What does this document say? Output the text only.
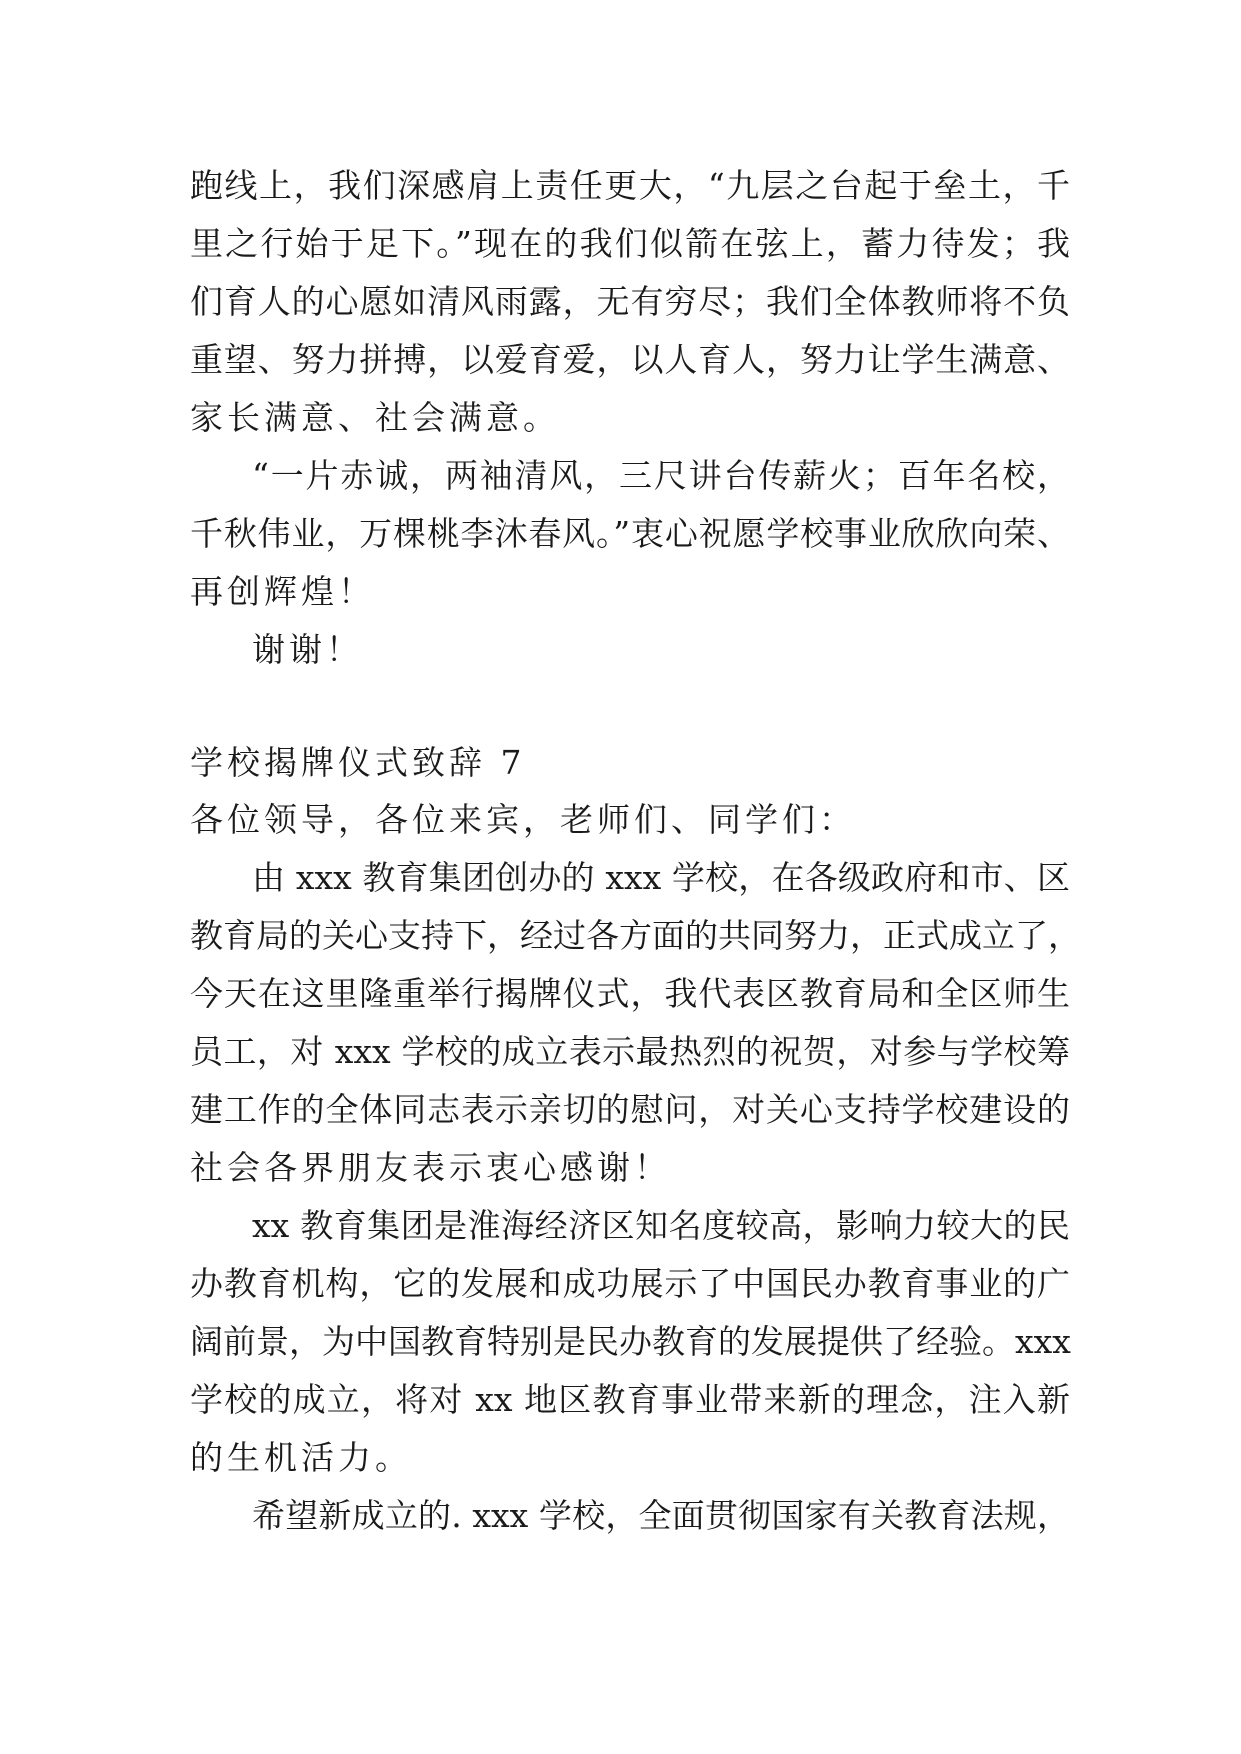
跑线上，我们深感肩上责任更大，“九层之台起于垒土，千
里之行始于足下。”现在的我们似箭在弦上，蓄力待发；我
们育人的心愿如清风雨露，无有穷尽；我们全体教师将不负
重望、努力拼搏，以爱育爱，以人育人，努力让学生满意、
家长满意、社会满意。
“一片赤诚，两袖清风，三尺讲台传薪火；百年名校，
千秋伟业，万棵桃李沐春风。”衷心祝愿学校事业欣欣向荣、
再创辉煌！
谢谢！
学校揭牌仪式致辞 7
各位领导，各位来宾，老师们、同学们：
由 xxx 教育集团创办的 xxx 学校，在各级政府和市、区
教育局的关心支持下，经过各方面的共同努力，正式成立了，
今天在这里隆重举行揭牌仪式，我代表区教育局和全区师生
员工，对 xxx 学校的成立表示最热烈的祝贺，对参与学校筹
建工作的全体同志表示亲切的慰问，对关心支持学校建设的
社会各界朋友表示衷心感谢！
xx 教育集团是淮海经济区知名度较高，影响力较大的民
办教育机构，它的发展和成功展示了中国民办教育事业的广
阔前景，为中国教育特别是民办教育的发展提供了经验。xxx
学校的成立，将对 xx 地区教育事业带来新的理念，注入新
的生机活力。
希望新成立的. xxx 学校，全面贯彻国家有关教育法规，
